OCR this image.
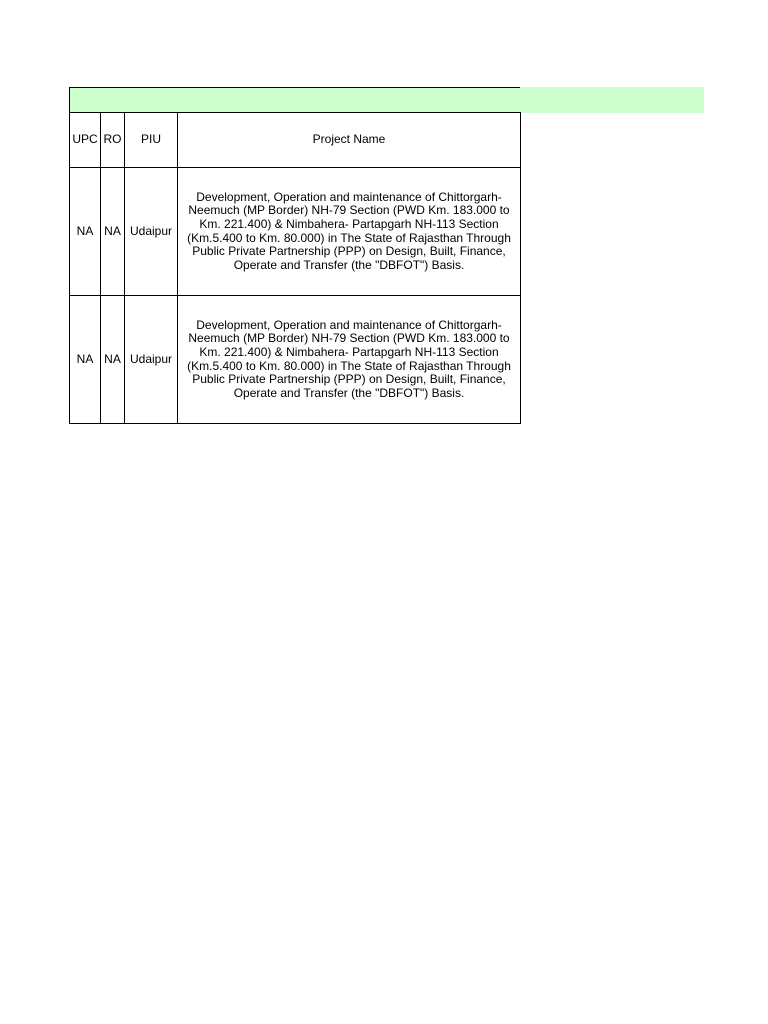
UPC	RO	PIU	Project Name
NA	NA	Udaipur	Development, Operation and maintenance of Chittorgarh-Neemuch (MP Border) NH-79 Section (PWD Km. 183.000 to Km. 221.400) & Nimbahera- Partapgarh NH-113 Section (Km.5.400 to Km. 80.000) in The State of Rajasthan Through Public Private Partnership (PPP) on Design, Built, Finance, Operate and Transfer (the "DBFOT") Basis.
NA	NA	Udaipur	Development, Operation and maintenance of Chittorgarh-Neemuch (MP Border) NH-79 Section (PWD Km. 183.000 to Km. 221.400) & Nimbahera- Partapgarh NH-113 Section (Km.5.400 to Km. 80.000) in The State of Rajasthan Through Public Private Partnership (PPP) on Design, Built, Finance, Operate and Transfer (the "DBFOT") Basis.
